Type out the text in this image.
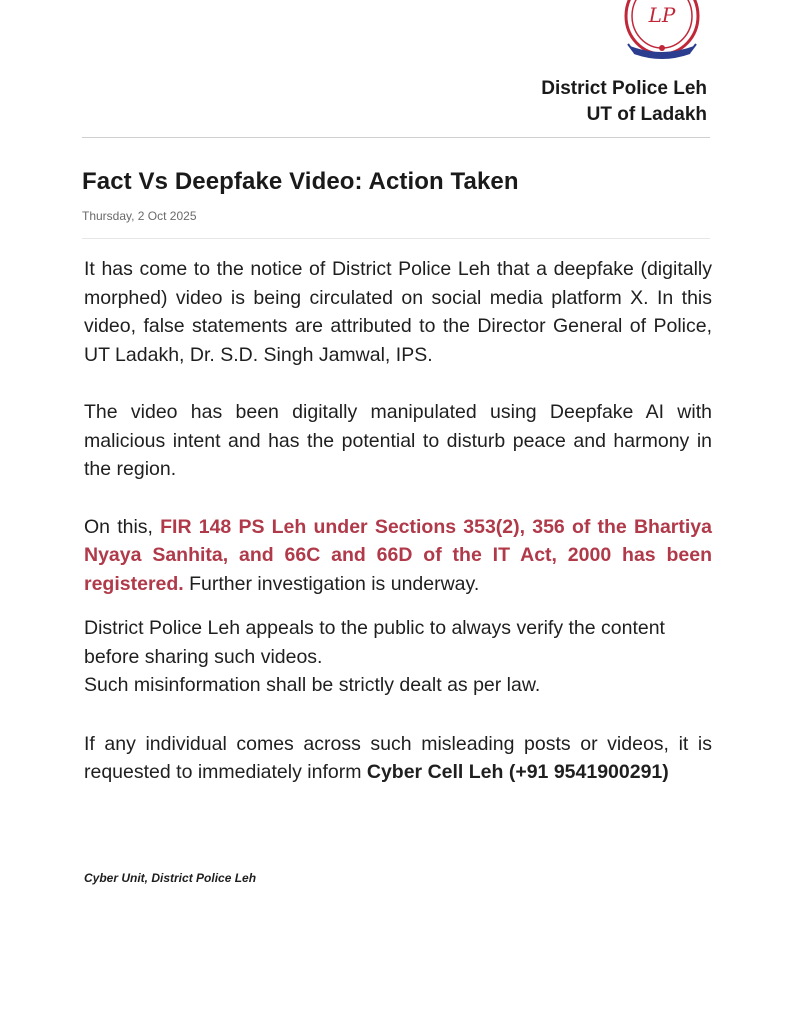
LP
District Police Leh
UT of Ladakh
Fact Vs Deepfake Video: Action Taken
Thursday, 2 Oct 2025

It has come to the notice of District Police Leh that a deepfake (digitally morphed) video is being circulated on social media platform X. In this video, false statements are attributed to the Director General of Police, UT Ladakh, Dr. S.D. Singh Jamwal, IPS.

The video has been digitally manipulated using Deepfake AI with malicious intent and has the potential to disturb peace and harmony in the region.

On this, FIR 148 PS Leh under Sections 353(2), 356 of the Bhartiya Nyaya Sanhita, and 66C and 66D of the IT Act, 2000 has been registered. Further investigation is underway.

District Police Leh appeals to the public to always verify the content before sharing such videos.
Such misinformation shall be strictly dealt as per law.

If any individual comes across such misleading posts or videos, it is requested to immediately inform Cyber Cell Leh (+91 9541900291)

Cyber Unit, District Police Leh
